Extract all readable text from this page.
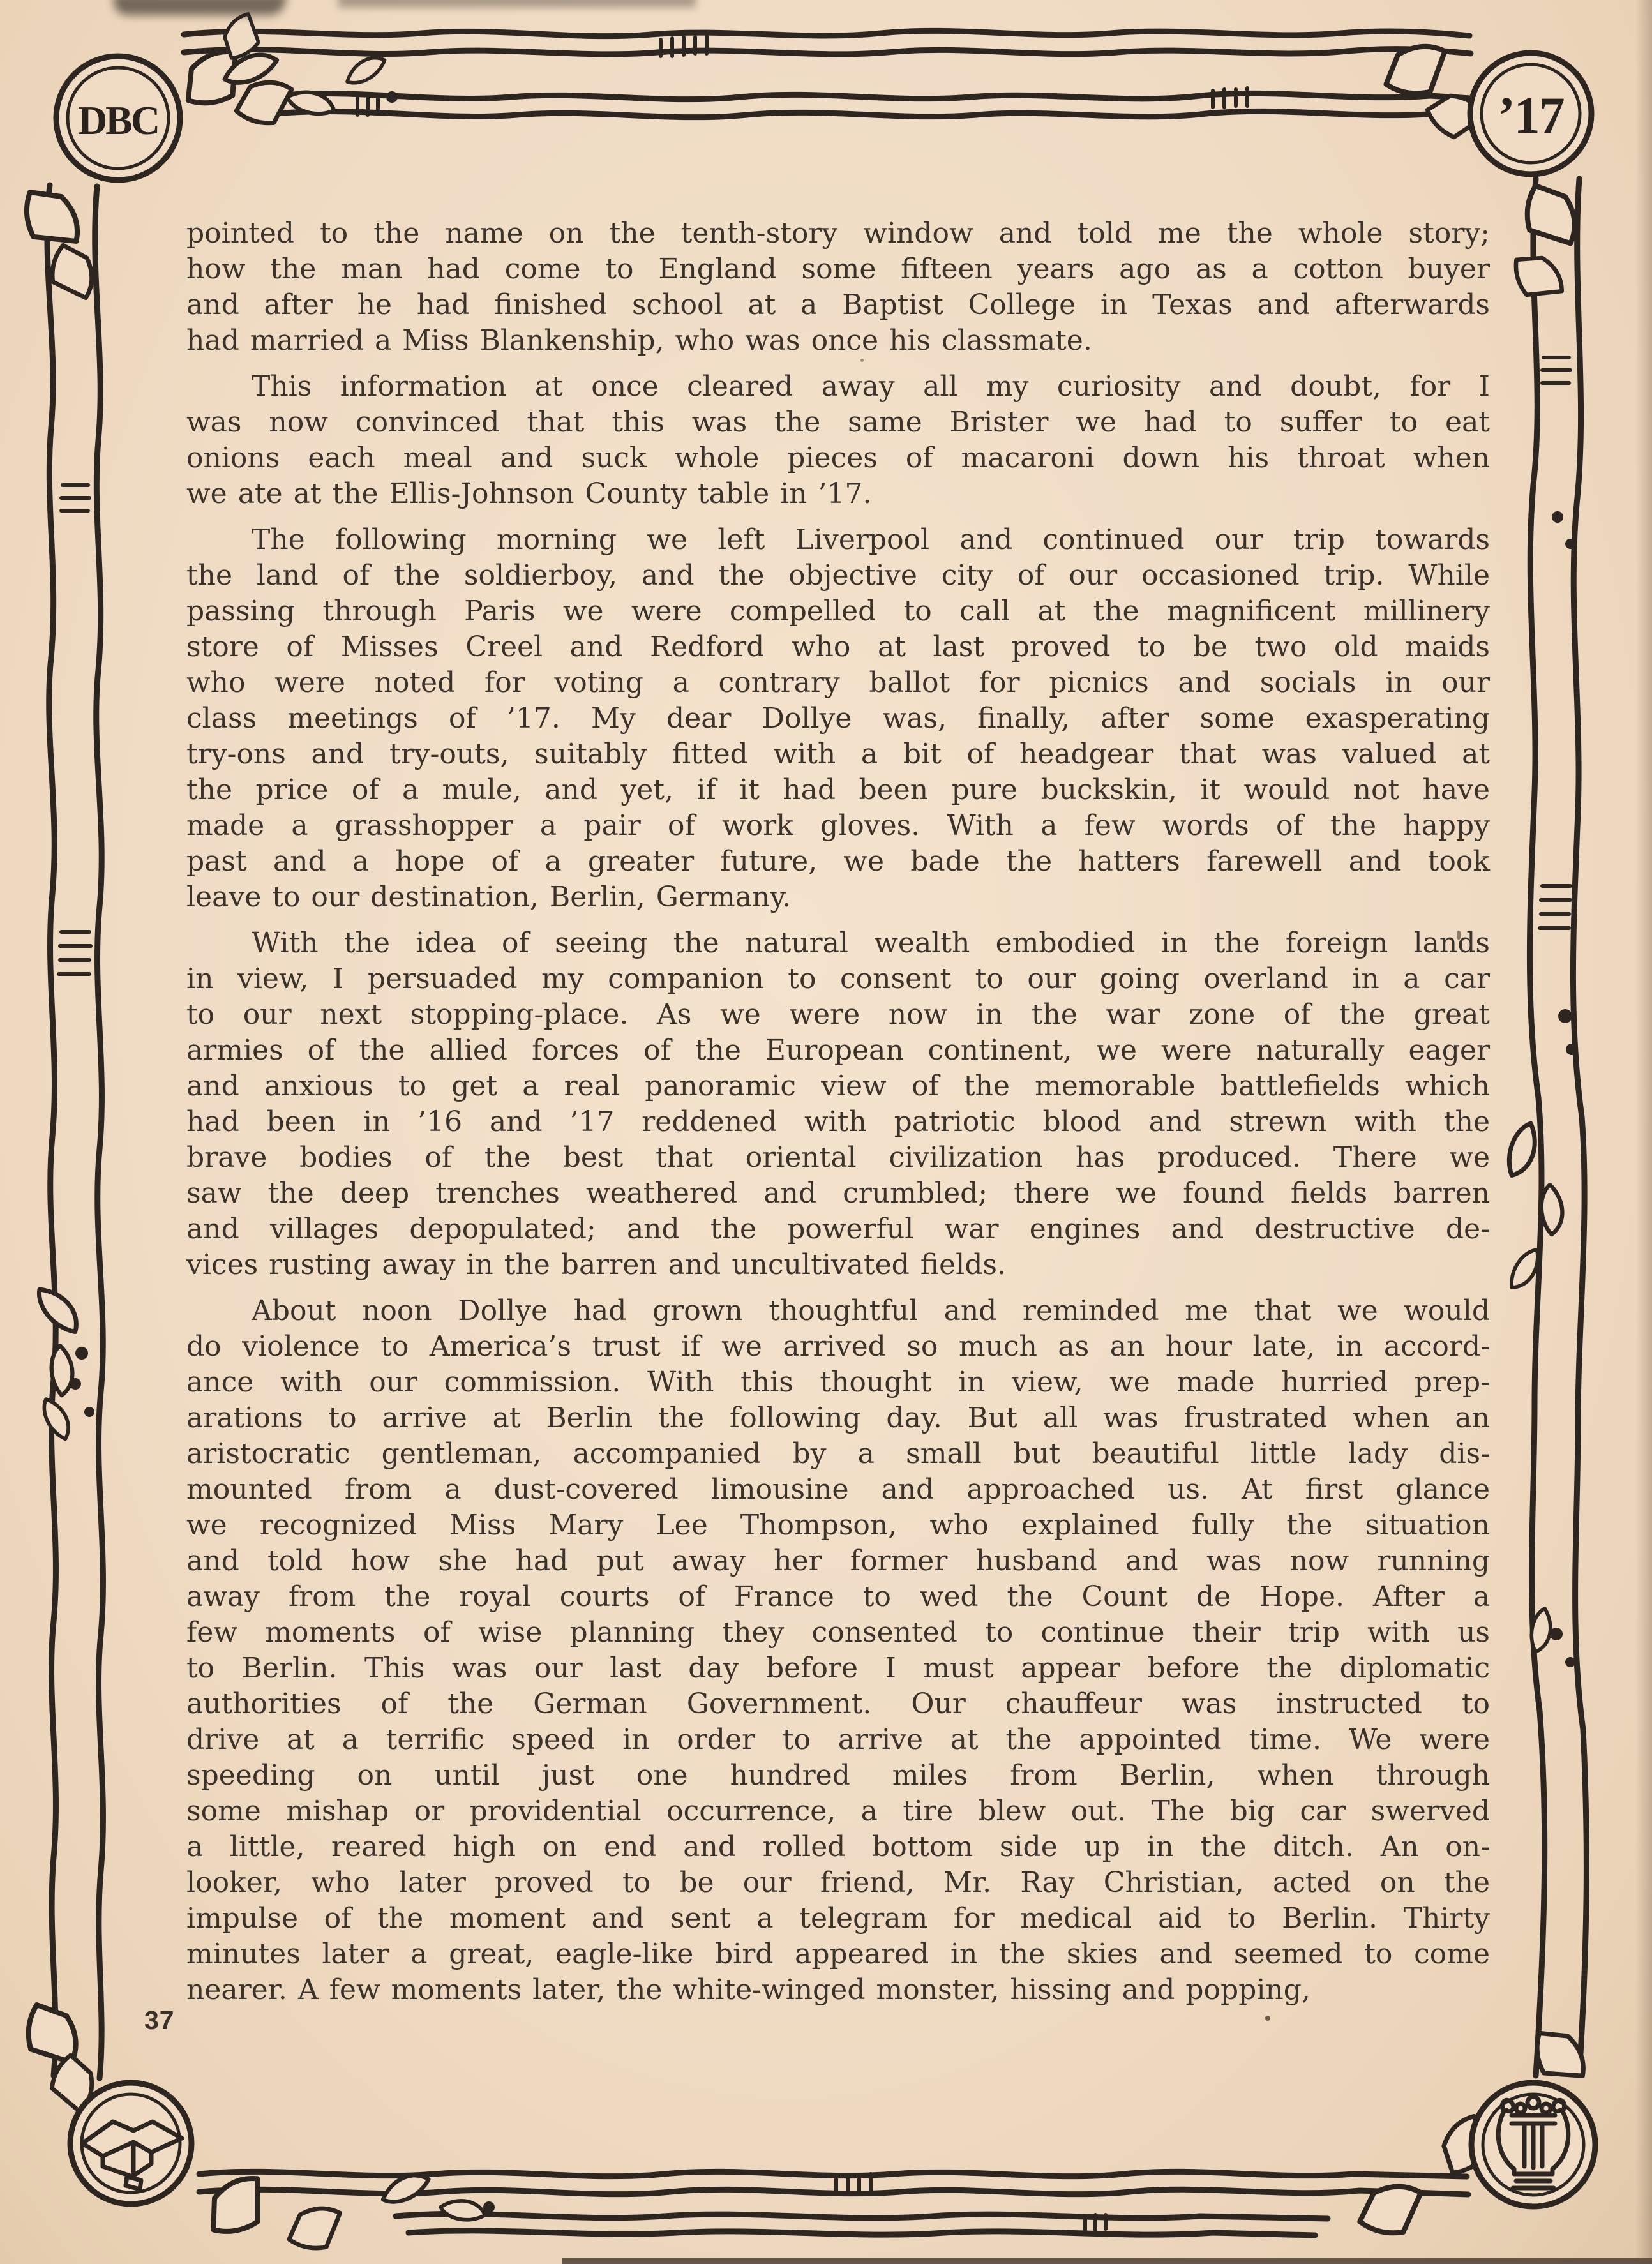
DBC	’17
pointed to the name on the tenth-story window and told me the whole story;
how the man had come to England some fifteen years ago as a cotton buyer
and after he had finished school at a Baptist College in Texas and afterwards
had married a Miss Blankenship, who was once his classmate.
This information at once cleared away all my curiosity and doubt, for I
was now convinced that this was the same Brister we had to suffer to eat
onions each meal and suck whole pieces of macaroni down his throat when
we ate at the Ellis-Johnson County table in ’17.
The following morning we left Liverpool and continued our trip towards
the land of the soldierboy, and the objective city of our occasioned trip. While
passing through Paris we were compelled to call at the magnificent millinery
store of Misses Creel and Redford who at last proved to be two old maids
who were noted for voting a contrary ballot for picnics and socials in our
class meetings of ’17. My dear Dollye was, finally, after some exasperating
try-ons and try-outs, suitably fitted with a bit of headgear that was valued at
the price of a mule, and yet, if it had been pure buckskin, it would not have
made a grasshopper a pair of work gloves. With a few words of the happy
past and a hope of a greater future, we bade the hatters farewell and took
leave to our destination, Berlin, Germany.
With the idea of seeing the natural wealth embodied in the foreign lands
in view, I persuaded my companion to consent to our going overland in a car
to our next stopping-place. As we were now in the war zone of the great
armies of the allied forces of the European continent, we were naturally eager
and anxious to get a real panoramic view of the memorable battlefields which
had been in ’16 and ’17 reddened with patriotic blood and strewn with the
brave bodies of the best that oriental civilization has produced. There we
saw the deep trenches weathered and crumbled; there we found fields barren
and villages depopulated; and the powerful war engines and destructive de-
vices rusting away in the barren and uncultivated fields.
About noon Dollye had grown thoughtful and reminded me that we would
do violence to America’s trust if we arrived so much as an hour late, in accord-
ance with our commission. With this thought in view, we made hurried prep-
arations to arrive at Berlin the following day. But all was frustrated when an
aristocratic gentleman, accompanied by a small but beautiful little lady dis-
mounted from a dust-covered limousine and approached us. At first glance
we recognized Miss Mary Lee Thompson, who explained fully the situation
and told how she had put away her former husband and was now running
away from the royal courts of France to wed the Count de Hope. After a
few moments of wise planning they consented to continue their trip with us
to Berlin. This was our last day before I must appear before the diplomatic
authorities of the German Government. Our chauffeur was instructed to
drive at a terrific speed in order to arrive at the appointed time. We were
speeding on until just one hundred miles from Berlin, when through
some mishap or providential occurrence, a tire blew out. The big car swerved
a little, reared high on end and rolled bottom side up in the ditch. An on-
looker, who later proved to be our friend, Mr. Ray Christian, acted on the
impulse of the moment and sent a telegram for medical aid to Berlin. Thirty
minutes later a great, eagle-like bird appeared in the skies and seemed to come
nearer. A few moments later, the white-winged monster, hissing and popping,
37
